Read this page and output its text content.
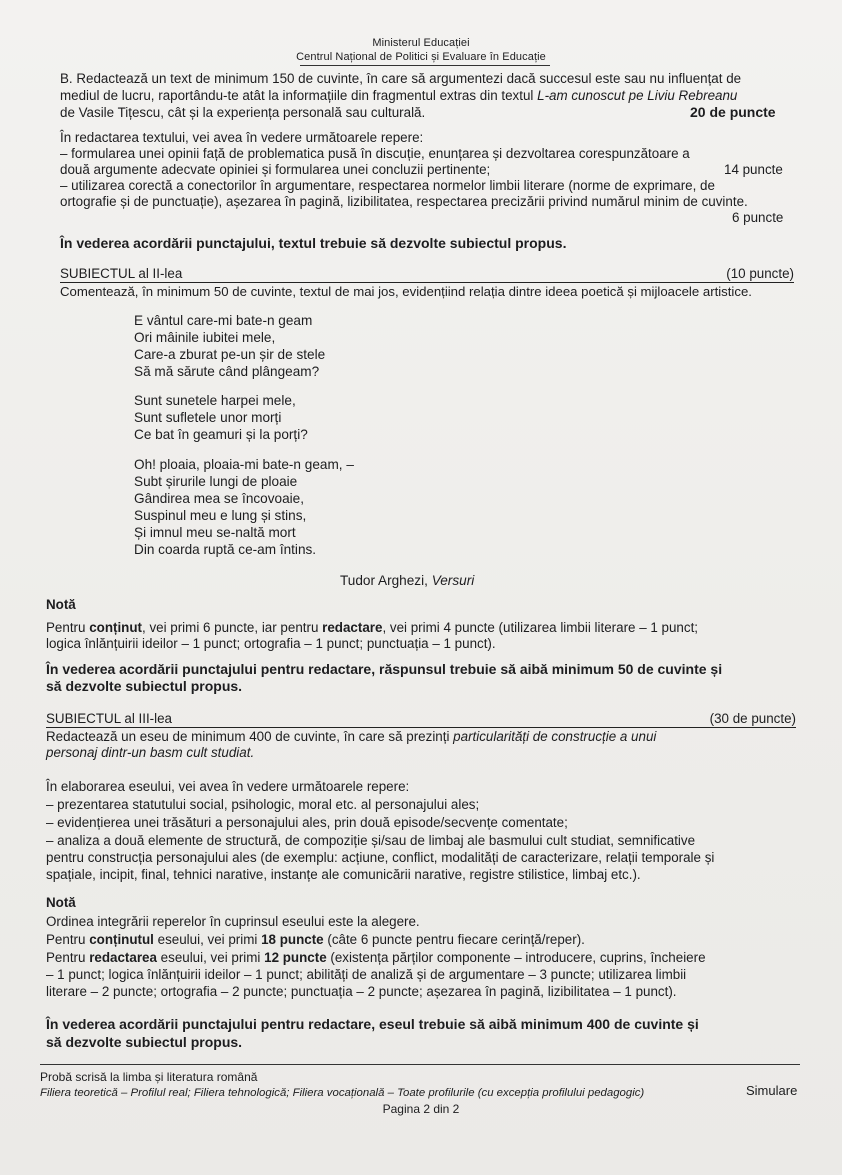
Ministerul Educației
Centrul Național de Politici și Evaluare în Educație
B. Redactează un text de minimum 150 de cuvinte, în care să argumentezi dacă succesul este sau nu influențat de
mediul de lucru, raportându-te atât la informațiile din fragmentul extras din textul L-am cunoscut pe Liviu Rebreanu
de Vasile Tițescu, cât și la experiența personală sau culturală.	20 de puncte
În redactarea textului, vei avea în vedere următoarele repere:
– formularea unei opinii față de problematica pusă în discuție, enunțarea și dezvoltarea corespunzătoare a
două argumente adecvate opiniei și formularea unei concluzii pertinente;	14 puncte
– utilizarea corectă a conectorilor în argumentare, respectarea normelor limbii literare (norme de exprimare, de
ortografie și de punctuație), așezarea în pagină, lizibilitatea, respectarea precizării privind numărul minim de cuvinte.
6 puncte
În vederea acordării punctajului, textul trebuie să dezvolte subiectul propus.
SUBIECTUL al II-lea	(10 puncte)
Comentează, în minimum 50 de cuvinte, textul de mai jos, evidențiind relația dintre ideea poetică și mijloacele artistice.
E vântul care-mi bate-n geam
Ori mâinile iubitei mele,
Care-a zburat pe-un șir de stele
Să mă sărute când plângeam?
Sunt sunetele harpei mele,
Sunt sufletele unor morți
Ce bat în geamuri și la porți?
Oh! ploaia, ploaia-mi bate-n geam, –
Subt șirurile lungi de ploaie
Gândirea mea se încovoaie,
Suspinul meu e lung și stins,
Și imnul meu se-naltă mort
Din coarda ruptă ce-am întins.
Tudor Arghezi, Versuri
Notă
Pentru conținut, vei primi 6 puncte, iar pentru redactare, vei primi 4 puncte (utilizarea limbii literare – 1 punct;
logica înlănțuirii ideilor – 1 punct; ortografia – 1 punct; punctuația – 1 punct).
În vederea acordării punctajului pentru redactare, răspunsul trebuie să aibă minimum 50 de cuvinte și
să dezvolte subiectul propus.
SUBIECTUL al III-lea	(30 de puncte)
Redactează un eseu de minimum 400 de cuvinte, în care să prezinți particularități de construcție a unui
personaj dintr-un basm cult studiat.
În elaborarea eseului, vei avea în vedere următoarele repere:
– prezentarea statutului social, psihologic, moral etc. al personajului ales;
– evidențierea unei trăsături a personajului ales, prin două episode/secvențe comentate;
– analiza a două elemente de structură, de compoziție și/sau de limbaj ale basmului cult studiat, semnificative
pentru construcția personajului ales (de exemplu: acțiune, conflict, modalități de caracterizare, relații temporale și
spațiale, incipit, final, tehnici narative, instanțe ale comunicării narative, registre stilistice, limbaj etc.).
Notă
Ordinea integrării reperelor în cuprinsul eseului este la alegere.
Pentru conținutul eseului, vei primi 18 puncte (câte 6 puncte pentru fiecare cerință/reper).
Pentru redactarea eseului, vei primi 12 puncte (existența părților componente – introducere, cuprins, încheiere
– 1 punct; logica înlănțuirii ideilor – 1 punct; abilități de analiză și de argumentare – 3 puncte; utilizarea limbii
literare – 2 puncte; ortografia – 2 puncte; punctuația – 2 puncte; așezarea în pagină, lizibilitatea – 1 punct).
În vederea acordării punctajului pentru redactare, eseul trebuie să aibă minimum 400 de cuvinte și
să dezvolte subiectul propus.
Probă scrisă la limba și literatura română
Simulare
Filiera teoretică – Profilul real; Filiera tehnologică; Filiera vocațională – Toate profilurile (cu excepția profilului pedagogic)
Pagina 2 din 2
